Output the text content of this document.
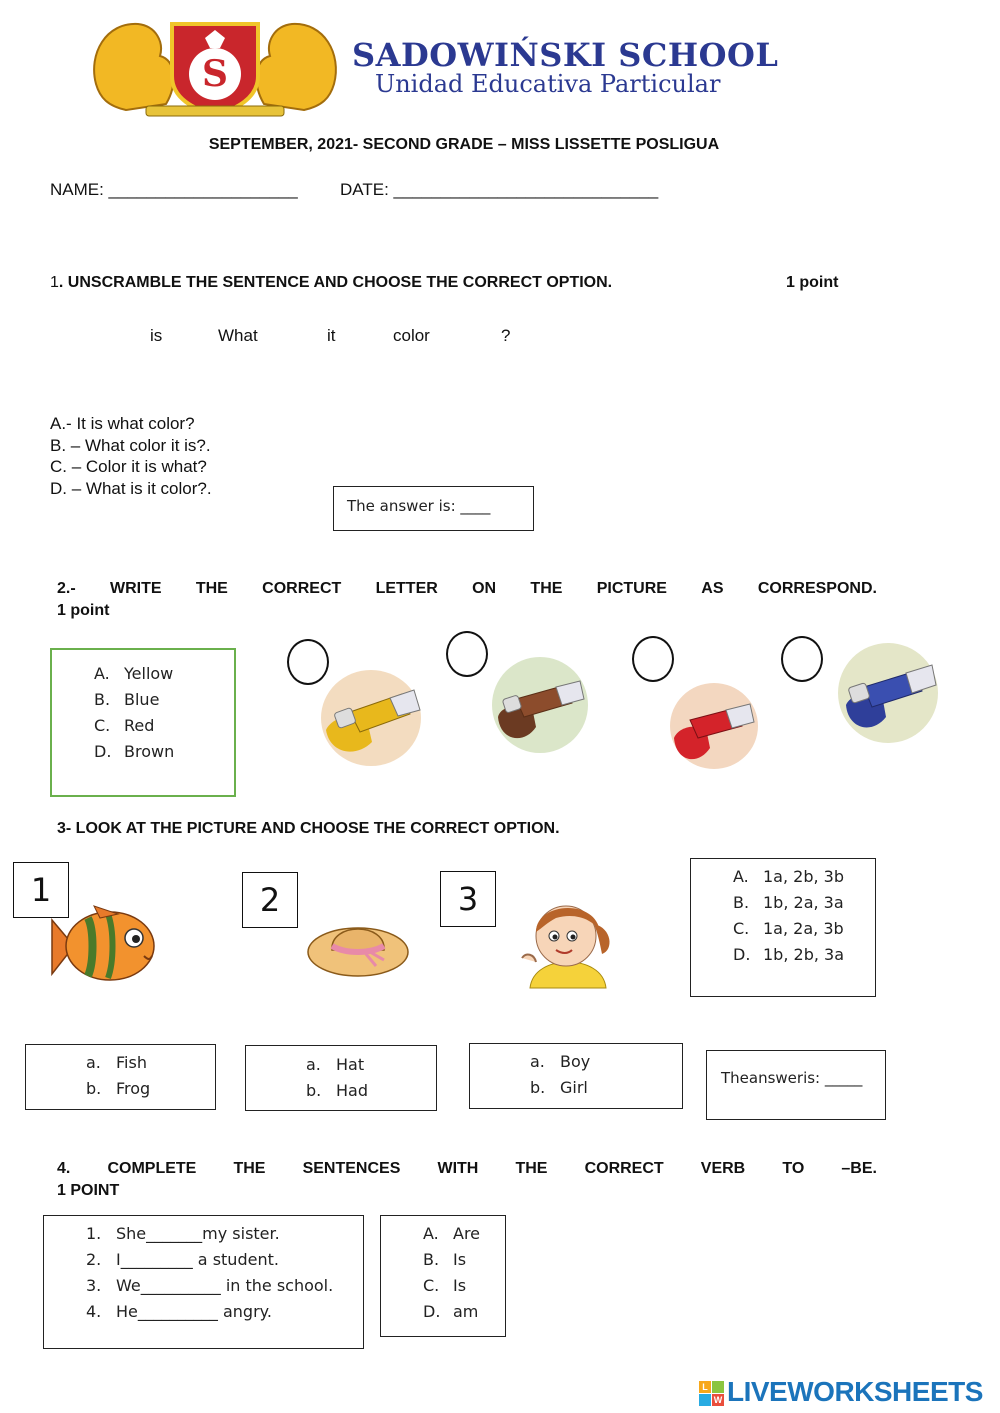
S	SADOWIŃSKI SCHOOL
Unidad Educativa Particular
SEPTEMBER, 2021- SECOND GRADE – MISS LISSETTE POSLIGUA
NAME: ____________________ DATE: ____________________________
1. UNSCRAMBLE THE SENTENCE AND CHOOSE THE CORRECT OPTION.	1 point
is	What	it	color	?
A.- It is what color?
B. – What color it is?.
C. – Color it is what?
D. – What is it color?.
The answer is: ____
2.- WRITE THE CORRECT LETTER ON THE PICTURE AS CORRESPOND.
1 point
A. Yellow
B. Blue
C. Red
D. Brown
3- LOOK AT THE PICTURE AND CHOOSE THE CORRECT OPTION.
1	2	3
A. 1a, 2b, 3b
B. 1b, 2a, 3a
C. 1a, 2a, 3b
D. 1b, 2b, 3a
a. Fish
b. Frog
a. Hat
b. Had
a. Boy
b. Girl	Theansweris: _____
4. COMPLETE THE SENTENCES WITH THE CORRECT VERB TO –BE.
1 POINT
1. She_______my sister.
2. I_________ a student.
3. We__________ in the school.
4. He__________ angry.
A. Are
B. Is
C. Is
D. am
L
W LIVEWORKSHEETS
